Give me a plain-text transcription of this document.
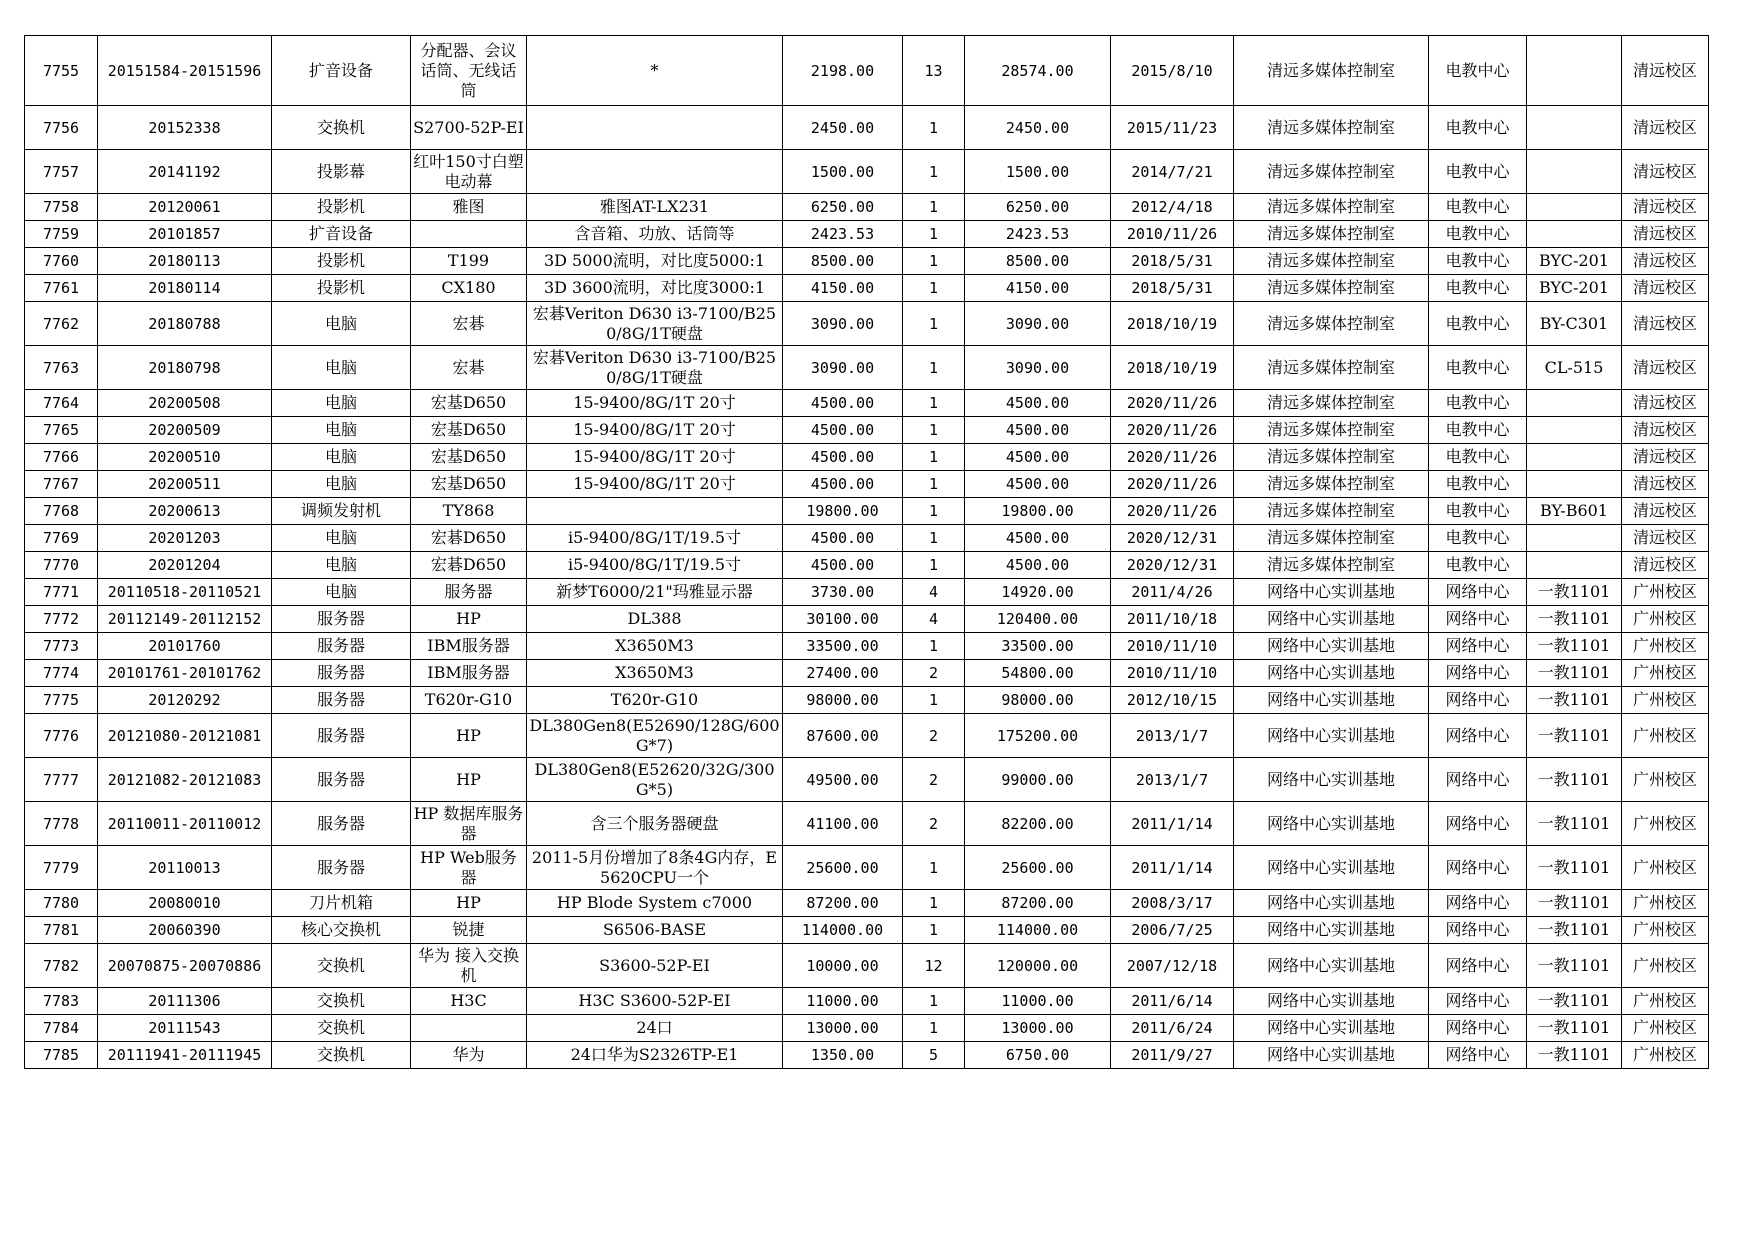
7755	20151584-20151596	扩音设备	分配器、会议话筒、无线话筒	*	2198.00	13	28574.00	2015/8/10	清远多媒体控制室	电教中心		清远校区
7756	20152338	交换机	S2700-52P-EI		2450.00	1	2450.00	2015/11/23	清远多媒体控制室	电教中心		清远校区
7757	20141192	投影幕	红叶150寸白塑电动幕		1500.00	1	1500.00	2014/7/21	清远多媒体控制室	电教中心		清远校区
7758	20120061	投影机	雅图	雅图AT-LX231	6250.00	1	6250.00	2012/4/18	清远多媒体控制室	电教中心		清远校区
7759	20101857	扩音设备		含音箱、功放、话筒等	2423.53	1	2423.53	2010/11/26	清远多媒体控制室	电教中心		清远校区
7760	20180113	投影机	T199	3D 5000流明，对比度5000:1	8500.00	1	8500.00	2018/5/31	清远多媒体控制室	电教中心	BYC-201	清远校区
7761	20180114	投影机	CX180	3D 3600流明，对比度3000:1	4150.00	1	4150.00	2018/5/31	清远多媒体控制室	电教中心	BYC-201	清远校区
7762	20180788	电脑	宏碁	宏碁Veriton D630 i3-7100/B250/8G/1T硬盘	3090.00	1	3090.00	2018/10/19	清远多媒体控制室	电教中心	BY-C301	清远校区
7763	20180798	电脑	宏碁	宏碁Veriton D630 i3-7100/B250/8G/1T硬盘	3090.00	1	3090.00	2018/10/19	清远多媒体控制室	电教中心	CL-515	清远校区
7764	20200508	电脑	宏基D650	15-9400/8G/1T 20寸	4500.00	1	4500.00	2020/11/26	清远多媒体控制室	电教中心		清远校区
7765	20200509	电脑	宏基D650	15-9400/8G/1T 20寸	4500.00	1	4500.00	2020/11/26	清远多媒体控制室	电教中心		清远校区
7766	20200510	电脑	宏基D650	15-9400/8G/1T 20寸	4500.00	1	4500.00	2020/11/26	清远多媒体控制室	电教中心		清远校区
7767	20200511	电脑	宏基D650	15-9400/8G/1T 20寸	4500.00	1	4500.00	2020/11/26	清远多媒体控制室	电教中心		清远校区
7768	20200613	调频发射机	TY868		19800.00	1	19800.00	2020/11/26	清远多媒体控制室	电教中心	BY-B601	清远校区
7769	20201203	电脑	宏碁D650	i5-9400/8G/1T/19.5寸	4500.00	1	4500.00	2020/12/31	清远多媒体控制室	电教中心		清远校区
7770	20201204	电脑	宏碁D650	i5-9400/8G/1T/19.5寸	4500.00	1	4500.00	2020/12/31	清远多媒体控制室	电教中心		清远校区
7771	20110518-20110521	电脑	服务器	新梦T6000/21"玛雅显示器	3730.00	4	14920.00	2011/4/26	网络中心实训基地	网络中心	一教1101	广州校区
7772	20112149-20112152	服务器	HP	DL388	30100.00	4	120400.00	2011/10/18	网络中心实训基地	网络中心	一教1101	广州校区
7773	20101760	服务器	IBM服务器	X3650M3	33500.00	1	33500.00	2010/11/10	网络中心实训基地	网络中心	一教1101	广州校区
7774	20101761-20101762	服务器	IBM服务器	X3650M3	27400.00	2	54800.00	2010/11/10	网络中心实训基地	网络中心	一教1101	广州校区
7775	20120292	服务器	T620r-G10	T620r-G10	98000.00	1	98000.00	2012/10/15	网络中心实训基地	网络中心	一教1101	广州校区
7776	20121080-20121081	服务器	HP	DL380Gen8(E52690/128G/600G*7)	87600.00	2	175200.00	2013/1/7	网络中心实训基地	网络中心	一教1101	广州校区
7777	20121082-20121083	服务器	HP	DL380Gen8(E52620/32G/300G*5)	49500.00	2	99000.00	2013/1/7	网络中心实训基地	网络中心	一教1101	广州校区
7778	20110011-20110012	服务器	HP 数据库服务器	含三个服务器硬盘	41100.00	2	82200.00	2011/1/14	网络中心实训基地	网络中心	一教1101	广州校区
7779	20110013	服务器	HP Web服务器	2011-5月份增加了8条4G内存，E5620CPU一个	25600.00	1	25600.00	2011/1/14	网络中心实训基地	网络中心	一教1101	广州校区
7780	20080010	刀片机箱	HP	HP Blode System c7000	87200.00	1	87200.00	2008/3/17	网络中心实训基地	网络中心	一教1101	广州校区
7781	20060390	核心交换机	锐捷	S6506-BASE	114000.00	1	114000.00	2006/7/25	网络中心实训基地	网络中心	一教1101	广州校区
7782	20070875-20070886	交换机	华为 接入交换机	S3600-52P-EI	10000.00	12	120000.00	2007/12/18	网络中心实训基地	网络中心	一教1101	广州校区
7783	20111306	交换机	H3C	H3C S3600-52P-EI	11000.00	1	11000.00	2011/6/14	网络中心实训基地	网络中心	一教1101	广州校区
7784	20111543	交换机		24口	13000.00	1	13000.00	2011/6/24	网络中心实训基地	网络中心	一教1101	广州校区
7785	20111941-20111945	交换机	华为	24口华为S2326TP-E1	1350.00	5	6750.00	2011/9/27	网络中心实训基地	网络中心	一教1101	广州校区
